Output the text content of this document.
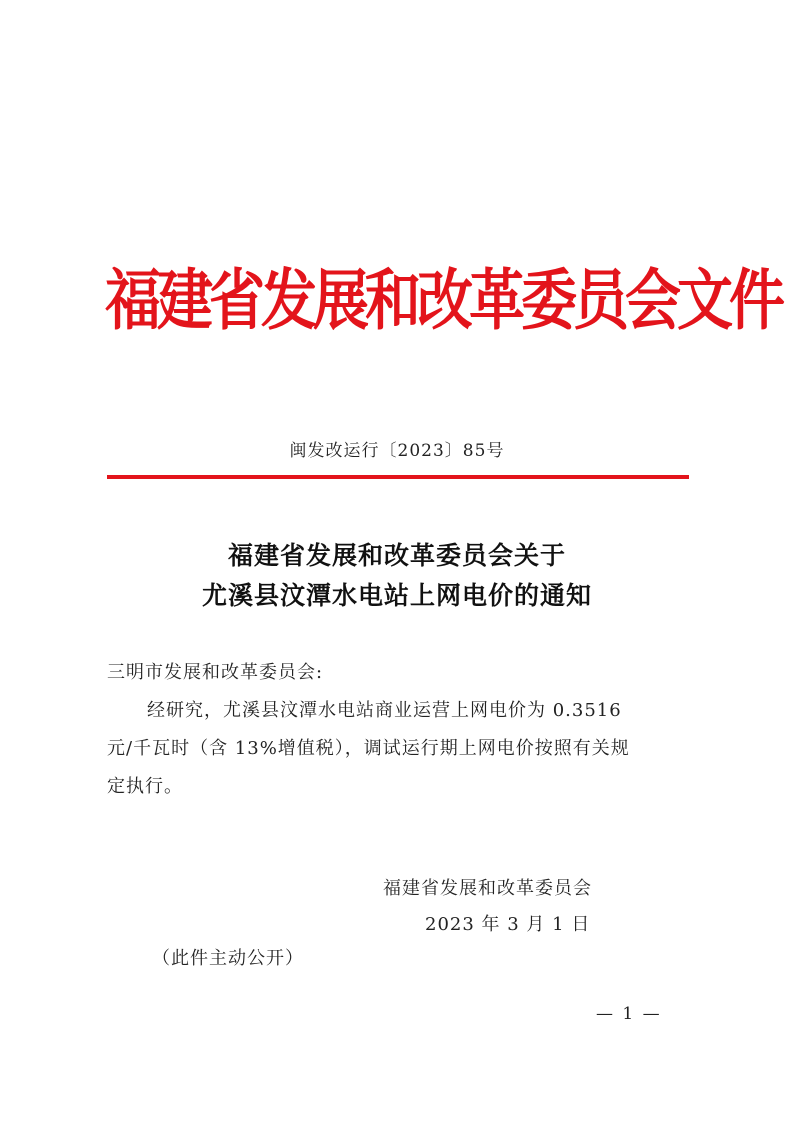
福建省发展和改革委员会文件
闽发改运行〔2023〕85号
福建省发展和改革委员会关于
尤溪县汶潭水电站上网电价的通知
三明市发展和改革委员会:
经研究，尤溪县汶潭水电站商业运营上网电价为 0.3516
元/千瓦时（含 13%增值税），调试运行期上网电价按照有关规
定执行。
福建省发展和改革委员会
2023 年 3 月 1 日
（此件主动公开）
— 1 —
